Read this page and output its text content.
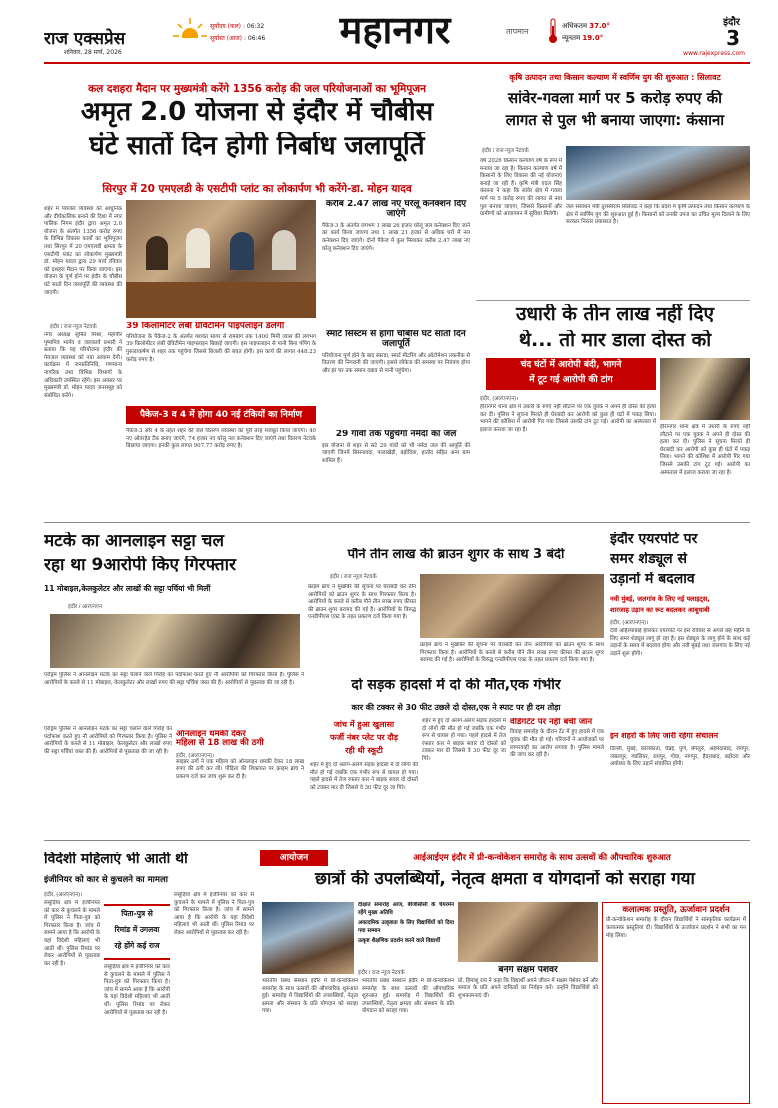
राज एक्सप्रेस
शनिवार, 28 मार्च, 2026
सूर्योदय (कल) : 06:32
सूर्यास्त (आज) : 06:46	महानगर	तापमान
अधिकतम 37.0°
न्यूनतम 19.0°
इंदौर
3
www.rajexpress.com
कल दशहरा मैदान पर मुख्यमंत्री करेंगे 1356 करोड़ की जल परियोजनाओं का भूमिपूजन
अमृत 2.0 योजना से इंदौर में चौबीस
घंटे सातों दिन होगी निर्बाध जलापूर्ति
सिरपुर में 20 एमएलडी के एसटीपी प्लांट का लोकार्पण भी करेंगे-डा. मोहन यादव
इंदौर / राज न्यूज नेटवर्क
शहर में पेयजल व्यवस्था को आधुनिक और दीर्घकालिक बनाने की दिशा में नगर पालिक निगम इंदौर द्वारा अमृत 2.0 योजना के अंतर्गत 1356 करोड़ रुपए के विभिन्न विकास कार्यों का भूमिपूजन तथा सिरपुर में 20 एमएलडी क्षमता के एसटीपी प्लांट का लोकार्पण मुख्यमंत्री डॉ. मोहन यादव द्वारा 29 मार्च रविवार को दशहरा मैदान पर किया जाएगा। इस योजना के पूर्ण होने पर इंदौर के चौबीस घंटे सातों दिन जलापूर्ति की व्यवस्था की जाएगी।
नगर अध्यक्ष सुमित मिश्रा, महापौर पुष्यमित्र भार्गव व जलकार्य प्रभारी ने बताया कि यह परियोजना इंदौर की पेयजल व्यवस्था को नया आयाम देगी। कार्यक्रम में जनप्रतिनिधि, गणमान्य नागरिक तथा विभिन्न विभागों के अधिकारी उपस्थित रहेंगे। इस अवसर पर मुख्यमंत्री डॉ. मोहन यादव जनसमूह को संबोधित करेंगे।
39 किलोमीटर लंबी ग्रेविटीमेन पाइपलाइन डलेगी
परियोजना के पैकेज-2 के अंतर्गत यशवंत सागर से रामबाग तक 1400 मिमी व्यास की लगभग 39 किलोमीटर लंबी ग्रेविटीमेन पाइपलाइन बिछाई जाएगी। इस पाइपलाइन से पानी बिना पंपिंग के गुरुत्वाकर्षण से शहर तक पहुंचेगा जिससे बिजली की बचत होगी। इस कार्य की लागत 448.23 करोड़ रुपए है।
पैकेज-3 व 4 में होगा 40 नई टंकियों का निर्माण
पैकेज-3 और 4 के तहत शहर की जल वितरण व्यवस्था को पूरी तरह मजबूत किया जाएगा। 40 नए ओवरहेड टैंक बनाए जाएंगे, 74 हजार नए घरेलू नल कनेक्शन दिए जाएंगे तथा वितरण नेटवर्क बिछाया जाएगा। इनकी कुल लागत 907.77 करोड़ रुपए है।
करीब 2.47 लाख नए घरेलू कनेक्शन दिए जाएंगे
पैकेज-3 के अंतर्गत लगभग 1 लाख 26 हजार घरेलू जल कनेक्शन दिए जाने का कार्य किया जाएगा तथा 1 लाख 21 हजार से अधिक घरों में नल कनेक्शन दिए जाएंगे। दोनों पैकेज में कुल मिलाकर करीब 2.47 लाख नए घरेलू कनेक्शन दिए जाएंगे।
स्मार्ट सिस्टम से होगी चौबीस घंटे सातों दिन जलापूर्ति
परियोजना पूर्ण होने के बाद स्काडा, स्मार्ट मीटरिंग और ऑटोमेशन तकनीक से वितरण की निगरानी की जाएगी। इससे लीकेज की समस्या पर नियंत्रण होगा और हर घर तक समान दबाव से पानी पहुंचेगा।
29 गांवों तक पहुंचेगा नर्मदा का जल
इस योजना से शहर से सटे 29 गांवों को भी नर्मदा जल की आपूर्ति की जाएगी जिनमें बिसनावदा, पालाखेड़ी, बड़ोदिया, हातोद सहित अन्य ग्राम शामिल हैं।
कृषि उत्पादन तथा किसान कल्याण में स्वर्णिम युग की शुरुआत : सिलावट
सांवेर-गवला मार्ग पर 5 करोड़ रुपए की
लागत से पुल भी बनाया जाएगा: कंसाना
इंदौर / राज न्यूज नेटवर्क
वर्ष 2026 किसान कल्याण वर्ष के रूप में मनाया जा रहा है। किसान कल्याण वर्ष में किसानों के लिए विकास की नई योजनाएं बनाई जा रही हैं। कृषि मंत्री एदल सिंह कंसाना ने कहा कि सांवेर क्षेत्र में गवला मार्ग पर 5 करोड़ रुपए की लागत से नया पुल बनाया जाएगा, जिससे किसानों और ग्रामीणों को आवागमन में सुविधा मिलेगी।
जल संसाधन मंत्री तुलसीराम सिलावट ने कहा कि प्रदेश में कृषि उत्पादन तथा किसान कल्याण के क्षेत्र में स्वर्णिम युग की शुरुआत हुई है। किसानों को उनकी उपज का उचित मूल्य दिलाने के लिए सरकार निरंतर प्रयासरत है।
उधारी के तीन लाख नहीं दिए
थे... तो मार डाला दोस्त को
चंद घंटों में आरोपी बंदी, भागने
में टूट गई आरोपी की टांग
इंदौर, (आरएनएन)।
हीरानगर थाना क्षेत्र में उधारी के रुपए नहीं लौटाने पर एक युवक ने अपने ही दोस्त की हत्या कर दी। पुलिस ने सूचना मिलते ही घेराबंदी कर आरोपी को कुछ ही घंटों में पकड़ लिया। भागने की कोशिश में आरोपी गिर गया जिससे उसकी टांग टूट गई। आरोपी का अस्पताल में इलाज कराया जा रहा है।	हीरानगर थाना क्षेत्र में उधारी के रुपए नहीं लौटाने पर एक युवक ने अपने ही दोस्त की हत्या कर दी। पुलिस ने सूचना मिलते ही घेराबंदी कर आरोपी को कुछ ही घंटों में पकड़ लिया। भागने की कोशिश में आरोपी गिर गया जिससे उसकी टांग टूट गई। आरोपी का अस्पताल में इलाज कराया जा रहा है।
मटके का आनलाइन सट्टा चल
रहा था 9आरोपी किए गिरफ्तार
11 मोबाइल,केलकुलेटर और लाखों की सट्टा पर्चियां भी मिलीं
इंदौर / आरएनएन
एरोड्रम पुलिस ने आनलाइन मटके का सट्टा चलाने वाले गिरोह का पर्दाफाश करते हुए नौ आरोपियों को गिरफ्तार किया है। पुलिस ने आरोपियों के कब्जे से 11 मोबाइल, केलकुलेटर और लाखों रुपए की सट्टा पर्चियां जब्त की हैं। आरोपियों से पूछताछ की जा रही है।
एरोड्रम पुलिस ने आनलाइन मटके का सट्टा चलाने वाले गिरोह का पर्दाफाश करते हुए नौ आरोपियों को गिरफ्तार किया है। पुलिस ने आरोपियों के कब्जे से 11 मोबाइल, केलकुलेटर और लाखों रुपए की सट्टा पर्चियां जब्त की हैं। आरोपियों से पूछताछ की जा रही है।
ऑनलाइन धमकी देकर
महिला से 18 लाख की ठगी
इंदौर, (आरएनएन)।
साइबर ठगों ने एक महिला को ऑनलाइन धमकी देकर 18 लाख रुपए की ठगी कर ली। पीड़िता की शिकायत पर क्राइम ब्रांच ने प्रकरण दर्ज कर जांच शुरू कर दी है।
पौने तीन लाख की ब्राउन शुगर के साथ 3 बंदी
इंदौर / राज न्यूज नेटवर्क
क्राइम ब्रांच ने मुखबिर की सूचना पर घेराबंदी कर तीन आरोपियों को ब्राउन शुगर के साथ गिरफ्तार किया है। आरोपियों के कब्जे से करीब पौने तीन लाख रुपए कीमत की ब्राउन शुगर बरामद की गई है। आरोपियों के विरुद्ध एनडीपीएस एक्ट के तहत प्रकरण दर्ज किया गया है।
क्राइम ब्रांच ने मुखबिर की सूचना पर घेराबंदी कर तीन आरोपियों को ब्राउन शुगर के साथ गिरफ्तार किया है। आरोपियों के कब्जे से करीब पौने तीन लाख रुपए कीमत की ब्राउन शुगर बरामद की गई है। आरोपियों के विरुद्ध एनडीपीएस एक्ट के तहत प्रकरण दर्ज किया गया है।
दो सड़क हादसों में दो की मौत,एक गंभीर
कार की टक्कर से 30 फीट उछले दो दोस्त,एक ने स्पाट पर ही दम तोड़ा
जांच में हुआ खुलासा
फर्जी नंबर प्लेट पर दौड़
रही थी स्कूटी
शहर में हुए दो अलग-अलग सड़क हादसों में दो लोगों की मौत हो गई जबकि एक गंभीर रूप से घायल हो गया। पहले हादसे में तेज रफ्तार कार ने बाइक सवार दो दोस्तों को टक्कर मार दी जिससे वे 30 फीट दूर जा गिरे।
शहर में हुए दो अलग-अलग सड़क हादसों में दो लोगों की मौत हो गई जबकि एक गंभीर रूप से घायल हो गया। पहले हादसे में तेज रफ्तार कार ने बाइक सवार दो दोस्तों को टक्कर मार दी जिससे वे 30 फीट दूर जा गिरे।
वेडिंगटेंट पर नहीं बची जान
विवाह समारोह के दौरान टेंट में हुए हादसे में एक युवक की मौत हो गई। परिजनों ने आयोजकों पर लापरवाही का आरोप लगाया है। पुलिस मामले की जांच कर रही है।
इंदौर एयरपोर्ट पर
समर शेड्यूल से
उड़ानों में बदलाव
नवी मुंबई, जलगांव के लिए नई फ्लाइट्स,
शारजाह उड़ान का रूट बदलकर आबूधाबी
इंदौर, (आरएनएन)।
देवी अहिल्याबाई होलकर एयरपोर्ट पर इस रविवार से अगले छह महीने के लिए समर शेड्यूल लागू हो रहा है। इस शेड्यूल के लागू होने के साथ कई उड़ानों के समय में बदलाव होगा और नवी मुंबई तथा जलगांव के लिए नई उड़ानें शुरू होंगी।
इन शहरों के लिए जारी रहेगा संचालन
दिल्ली, मुंबई, कोलकाता, चेन्नई, पुणे, बेंगलुरु, अहमदाबाद, जयपुर, जबलपुर, ग्वालियर, रायपुर, गोवा, नागपुर, हैदराबाद, बड़ोदरा और अयोध्या के लिए उड़ानें संचालित होंगी।
विदेशी महिलाएं भी आती थी
इंजीनियर को कार से कुचलने का मामला
इंदौर, (आरएनएन)।
लसूड़िया क्षेत्र में इंजीनियर को कार से कुचलने के मामले में पुलिस ने पिता-पुत्र को गिरफ्तार किया है। जांच में सामने आया है कि आरोपी के यहां विदेशी महिलाएं भी आती थीं। पुलिस रिमांड पर लेकर आरोपियों से पूछताछ कर रही है।
पिता-पुत्र से
रिमांड में उगलवा
रहे होंगे कई राज
लसूड़िया क्षेत्र में इंजीनियर को कार से कुचलने के मामले में पुलिस ने पिता-पुत्र को गिरफ्तार किया है। जांच में सामने आया है कि आरोपी के यहां विदेशी महिलाएं भी आती थीं। पुलिस रिमांड पर लेकर आरोपियों से पूछताछ कर रही है।
लसूड़िया क्षेत्र में इंजीनियर को कार से कुचलने के मामले में पुलिस ने पिता-पुत्र को गिरफ्तार किया है। जांच में सामने आया है कि आरोपी के यहां विदेशी महिलाएं भी आती थीं। पुलिस रिमांड पर लेकर आरोपियों से पूछताछ कर रही है।
आयोजन	आईआईएम इंदौर में प्री-कन्वोकेशन समारोह के साथ उत्सवों की औपचारिक शुरुआत
छात्रों की उपलब्धियों, नेतृत्व क्षमता व योगदानों को सराहा गया
दीक्षांत समारोह आज, बीजीसीसी के चेयरमेन रहेंगे मुख्य अतिथि
अकादमिक उत्कृष्टता के लिए विद्यार्थियों को दिया गया सम्मान
उत्कृष्ट शैक्षणिक प्रदर्शन करने वाले विद्यार्थी
इंदौर / राज न्यूज नेटवर्क
भारतीय प्रबंध संस्थान इंदौर में प्री-कन्वोकेशन समारोह के साथ उत्सवों की औपचारिक शुरुआत हुई। समारोह में विद्यार्थियों की उपलब्धियों, नेतृत्व क्षमता और संस्थान के प्रति योगदान को सराहा गया।
भारतीय प्रबंध संस्थान इंदौर में प्री-कन्वोकेशन समारोह के साथ उत्सवों की औपचारिक शुरुआत हुई। समारोह में विद्यार्थियों की उपलब्धियों, नेतृत्व क्षमता और संस्थान के प्रति योगदान को सराहा गया।
बनेंगे सक्षम पेशेवर
प्रो. हिमांशु राय ने कहा कि विद्यार्थी अपने जीवन में सक्षम पेशेवर बनें और समाज के प्रति अपने दायित्वों का निर्वहन करें। उन्होंने विद्यार्थियों को शुभकामनाएं दीं।
कलात्मक प्रस्तुति, ऊर्जावान प्रदर्शन
प्री-कन्वोकेशन समारोह के दौरान विद्यार्थियों ने सांस्कृतिक कार्यक्रम में कलात्मक प्रस्तुतियां दीं। विद्यार्थियों के ऊर्जावान प्रदर्शन ने सभी का मन मोह लिया।
